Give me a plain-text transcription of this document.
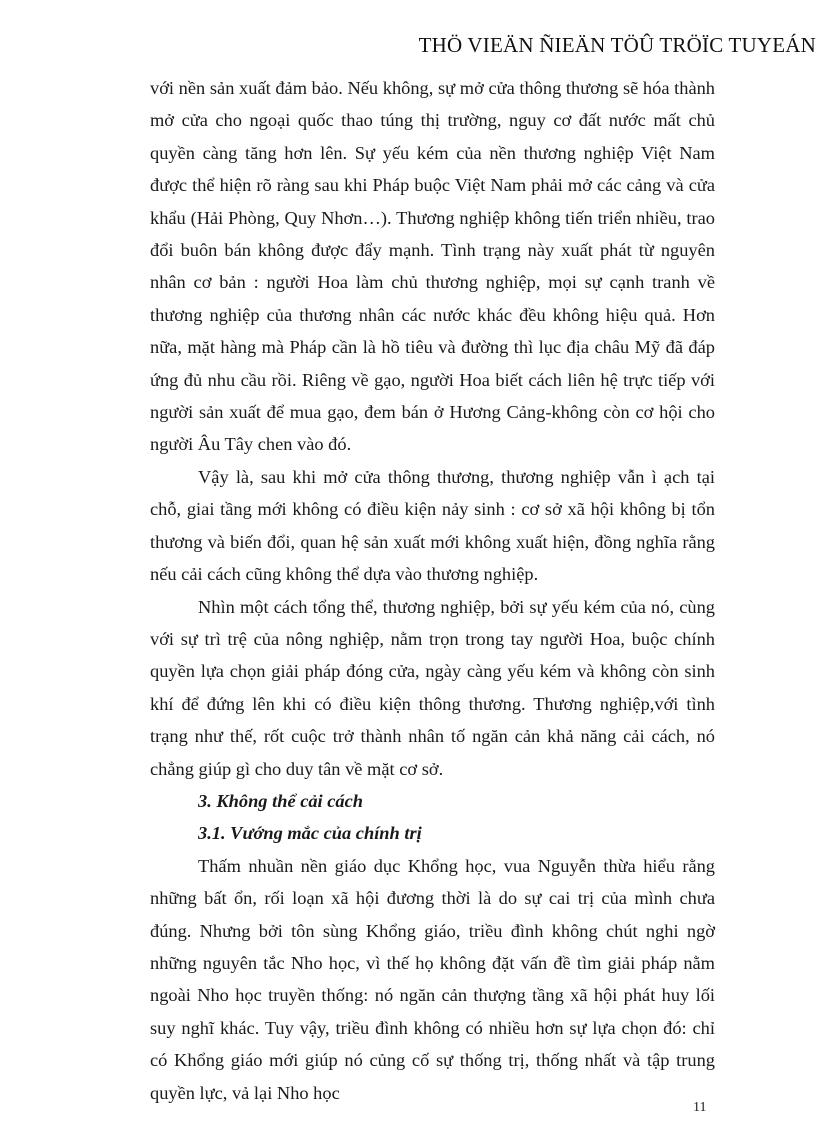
THÖ VIEÄN ÑIEÄN TÖÛ TRÖÏC TUYEÁN

với nền sản xuất đảm bảo. Nếu không, sự mở cửa thông thương sẽ hóa thành mở cửa cho ngoại quốc thao túng thị trường, nguy cơ đất nước mất chủ quyền càng tăng hơn lên. Sự yếu kém của nền thương nghiệp Việt Nam được thể hiện rõ ràng sau khi Pháp buộc Việt Nam phải mở các cảng và cửa khẩu (Hải Phòng, Quy Nhơn…). Thương nghiệp không tiến triển nhiều, trao đổi buôn bán không được đẩy mạnh. Tình trạng này xuất phát từ nguyên nhân cơ bản : người Hoa làm chủ thương nghiệp, mọi sự cạnh tranh về thương nghiệp của thương nhân các nước khác đều không hiệu quả. Hơn nữa, mặt hàng mà Pháp cần là hồ tiêu và đường thì lục địa châu Mỹ đã đáp ứng đủ nhu cầu rồi. Riêng về gạo, người Hoa biết cách liên hệ trực tiếp với người sản xuất để mua gạo, đem bán ở Hương Cảng-không còn cơ hội cho người Âu Tây chen vào đó.

Vậy là, sau khi mở cửa thông thương, thương nghiệp vẫn ì ạch tại chỗ, giai tầng mới không có điều kiện nảy sinh : cơ sở xã hội không bị tổn thương và biến đổi, quan hệ sản xuất mới không xuất hiện, đồng nghĩa rằng nếu cải cách cũng không thể dựa vào thương nghiệp.

Nhìn một cách tổng thể, thương nghiệp, bởi sự yếu kém của nó, cùng với sự trì trệ của nông nghiệp, nằm trọn trong tay người Hoa, buộc chính quyền lựa chọn giải pháp đóng cửa, ngày càng yếu kém và không còn sinh khí để đứng lên khi có điều kiện thông thương. Thương nghiệp,với tình trạng như thế, rốt cuộc trở thành nhân tố ngăn cản khả năng cải cách, nó chẳng giúp gì cho duy tân về mặt cơ sở.

3. Không thể cải cách

3.1. Vướng mắc của chính trị

Thấm nhuần nền giáo dục Khổng học, vua Nguyễn thừa hiểu rằng những bất ổn, rối loạn xã hội đương thời là do sự cai trị của mình chưa đúng. Nhưng bởi tôn sùng Khổng giáo, triều đình không chút nghi ngờ những nguyên tắc Nho học, vì thế họ không đặt vấn đề tìm giải pháp nằm ngoài Nho học truyền thống: nó ngăn cản thượng tầng xã hội phát huy lối suy nghĩ khác. Tuy vậy, triều đình không có nhiều hơn sự lựa chọn đó: chỉ có Khổng giáo mới giúp nó củng cố sự thống trị, thống nhất và tập trung quyền lực, vả lại Nho học

11
